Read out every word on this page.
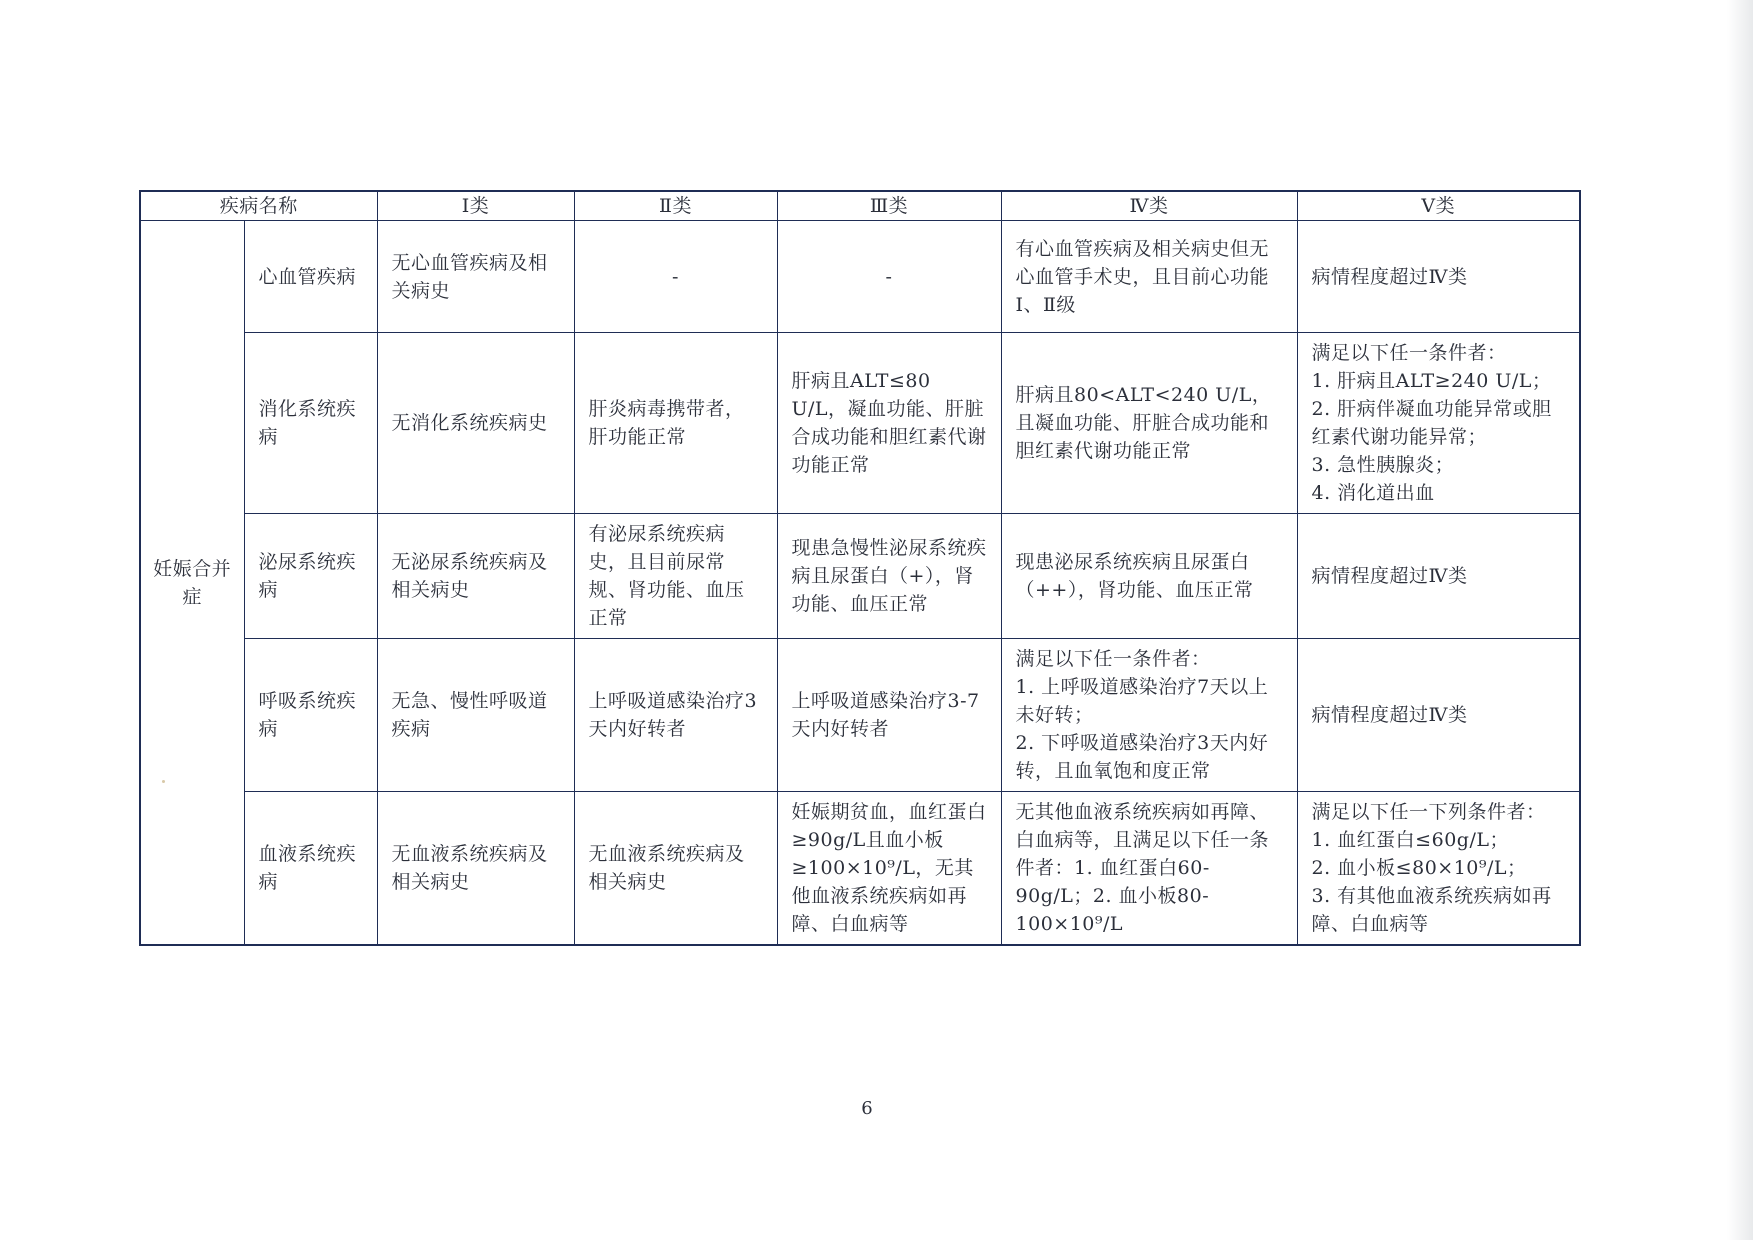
疾病名称		Ⅰ类	Ⅱ类	Ⅲ类	Ⅳ类	Ⅴ类
妊娠合并症	心血管疾病	无心血管疾病及相关病史	-	-	有心血管疾病及相关病史但无心血管手术史，且目前心功能Ⅰ、Ⅱ级	病情程度超过Ⅳ类
	消化系统疾病	无消化系统疾病史	肝炎病毒携带者，肝功能正常	肝病且ALT≤80 U/L，凝血功能、肝脏合成功能和胆红素代谢功能正常	肝病且80<ALT<240 U/L，且凝血功能、肝脏合成功能和胆红素代谢功能正常	满足以下任一条件者：
1. 肝病且ALT≥240 U/L；
2. 肝病伴凝血功能异常或胆红素代谢功能异常；
3. 急性胰腺炎；
4. 消化道出血

	泌尿系统疾病	无泌尿系统疾病及相关病史	有泌尿系统疾病史，且目前尿常规、肾功能、血压正常	现患急慢性泌尿系统疾病且尿蛋白（+），肾功能、血压正常	现患泌尿系统疾病且尿蛋白（++），肾功能、血压正常	病情程度超过Ⅳ类
	呼吸系统疾病	无急、慢性呼吸道疾病	上呼吸道感染治疗3天内好转者	上呼吸道感染治疗3-7天内好转者	满足以下任一条件者：
1. 上呼吸道感染治疗7天以上未好转；
2. 下呼吸道感染治疗3天内好转，且血氧饱和度正常	病情程度超过Ⅳ类
	血液系统疾病	无血液系统疾病及相关病史	无血液系统疾病及相关病史	妊娠期贫血，血红蛋白≥90g/L且血小板≥100×10⁹/L，无其他血液系统疾病如再障、白血病等	无其他血液系统疾病如再障、白血病等，且满足以下任一条件者：1. 血红蛋白60-90g/L；2. 血小板80-100×10⁹/L	满足以下任一下列条件者：
1. 血红蛋白≤60g/L；
2. 血小板≤80×10⁹/L；
3. 有其他血液系统疾病如再障、白血病等
6
